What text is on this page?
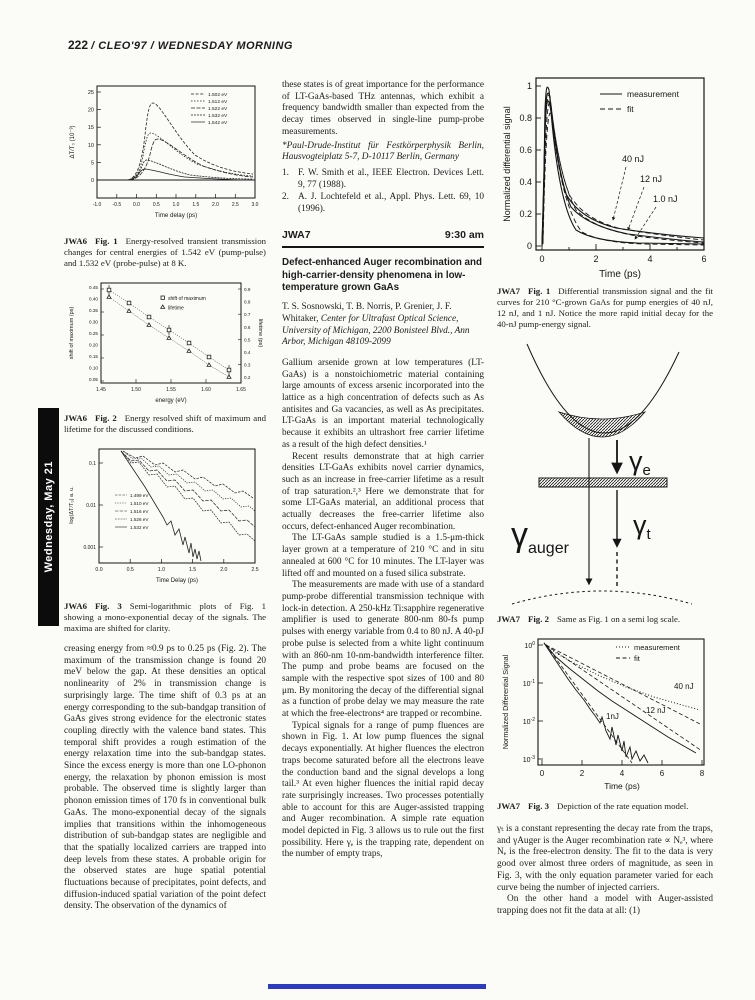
222 / CLEO'97 / WEDNESDAY MORNING
Wednesday, May 21
25
20
15
10
5
0
-1.0 -0.5 0.0	0.5	1.0	1.5	2.0	2.5	3.0
Time delay (ps)
ΔT/T₀ (10⁻³)
1.502 eV
1.512 eV
1.522 eV
1.532 eV
1.542 eV

JWA6 Fig. 1 Energy-resolved transient transmission changes for central energies of 1.542 eV (pump-pulse) and 1.532 eV (probe-pulse) at 8 K.

0.45
0.40
0.35
0.30
0.25
0.20
0.15
0.10
0.05
0.9
0.8
0.7
0.6
0.5
0.4
0.3
0.2
1.45	1.50	1.55	1.60	1.65
energy (eV)
shift of maximum (ps)	lifetime (ps)
shift of maximum
lifetime

JWA6 Fig. 2 Energy resolved shift of maximum and lifetime for the discussed conditions.

0.1
0.01
0.001
0.0	0.5	1.0	1.5	2.0	2.5
Time Delay (ps)
log(ΔT/T₀) a. u.	1.499 eV
1.510 eV
1.516 eV
1.526 eV
1.532 eV

JWA6 Fig. 3 Semi-logarithmic plots of Fig. 1 showing a mono-exponential decay of the signals. The maxima are shifted for clarity.

creasing energy from ≈0.9 ps to 0.25 ps (Fig. 2). The maximum of the transmission change is found 20 meV below the gap. At these densities an optical nonlinearity of 2% in transmission change is surprisingly large. The time shift of 0.3 ps at an energy corresponding to the sub-bandgap transition of GaAs gives strong evidence for the electronic states coupling directly with the valence band states. This temporal shift provides a rough estimation of the energy relaxation time into the sub-bandgap states. Since the excess energy is more than one LO-phonon energy, the relaxation by phonon emission is most probable. The observed time is slightly larger than phonon emission times of 170 fs in conventional bulk GaAs. The mono-exponential decay of the signals implies that transitions within the inhomogeneous distribution of sub-bandgap states are negligible and that the spatially localized carriers are trapped into deep levels from these states. A probable origin for the observed states are huge spatial potential fluctuations because of precipitates, point defects, and diffusion-induced spatial variation of the point defect density. The observation of the dynamics of

these states is of great importance for the performance of LT-GaAs-based THz antennas, which exhibit a frequency bandwidth smaller than expected from the decay times observed in single-line pump-probe measurements.

*Paul-Drude-Institut für Festkörperphysik Berlin, Hausvogteiplatz 5-7, D-10117 Berlin, Germany

1. F. W. Smith et al., IEEE Electron. Devices Lett. 9, 77 (1988).
2. A. J. Lochtefeld et al., Appl. Phys. Lett. 69, 10 (1996).
JWA7	9:30 am
Defect-enhanced Auger recombination and high-carrier-density phenomena in low-temperature grown GaAs

T. S. Sosnowski, T. B. Norris, P. Grenier, J. F. Whitaker, Center for Ultrafast Optical Science, University of Michigan, 2200 Bonisteel Blvd., Ann Arbor, Michigan 48109-2099

Gallium arsenide grown at low temperatures (LT-GaAs) is a nonstoichiometric material containing large amounts of excess arsenic incorporated into the lattice as a high concentration of defects such as As antisites and Ga vacancies, as well as As precipitates. LT-GaAs is an important material technologically because it exhibits an ultrashort free carrier lifetime as a result of the high defect densities.¹

Recent results demonstrate that at high carrier densities LT-GaAs exhibits novel carrier dynamics, such as an increase in free-carrier lifetime as a result of trap saturation.²,³ Here we demonstrate that for some LT-GaAs material, an additional process that actually decreases the free-carrier lifetime also occurs, defect-enhanced Auger recombination.

The LT-GaAs sample studied is a 1.5-μm-thick layer grown at a temperature of 210 °C and in situ annealed at 600 °C for 10 minutes. The LT-layer was lifted off and mounted on a fused silica substrate.

The measurements are made with use of a standard pump-probe differential transmission technique with lock-in detection. A 250-kHz Ti:sapphire regenerative amplifier is used to generate 800-nm 80-fs pump pulses with energy variable from 0.4 to 80 nJ. A 40-pJ probe pulse is selected from a white light continuum with an 860-nm 10-nm-bandwidth interference filter. The pump and probe beams are focused on the sample with the respective spot sizes of 100 and 80 μm. By monitoring the decay of the differential signal as a function of probe delay we may measure the rate at which the free-electrons⁴ are trapped or recombine.

Typical signals for a range of pump fluences are shown in Fig. 1. At low pump fluences the signal decays exponentially. At higher fluences the electron traps become saturated before all the electrons leave the conduction band and the signal develops a long tail.³ At even higher fluences the initial rapid decay rate surprisingly increases. Two processes potentially able to account for this are Auger-assisted trapping and Auger recombination. A simple rate equation model depicted in Fig. 3 allows us to rule out the first possibility. Here γₑ is the trapping rate, dependent on the number of empty traps,

1
0.8
0.6
0.4
0.2
0
0	2	4	6
Time (ps)
Normalized differential signal
measurement
fit
40 nJ
12 nJ
1.0 nJ

JWA7 Fig. 1 Differential transmission signal and the fit curves for 210 °C-grown GaAs for pump energies of 40 nJ, 12 nJ, and 1 nJ. Notice the more rapid initial decay for the 40-nJ pump-energy signal.

γe
γt
$\gamma_{auger}$

JWA7 Fig. 2 Same as Fig. 1 on a semi log scale.

$10^0$
$10^{-1}$
$10^{-2}$
$10^{-3}$
0	2	4	6	8
Time (ps)
Normalized Differential Signal
measurement
fit
40 nJ
12 nJ
1nJ

JWA7 Fig. 3 Depiction of the rate equation model.

γₜ is a constant representing the decay rate from the traps, and γAuger is the Auger recombination rate ∝ Nₑ³, where Nₑ is the free-electron density. The fit to the data is very good over almost three orders of magnitude, as seen in Fig. 3, with the only equation parameter varied for each curve being the number of injected carriers.

On the other hand a model with Auger-assisted trapping does not fit the data at all: (1)
